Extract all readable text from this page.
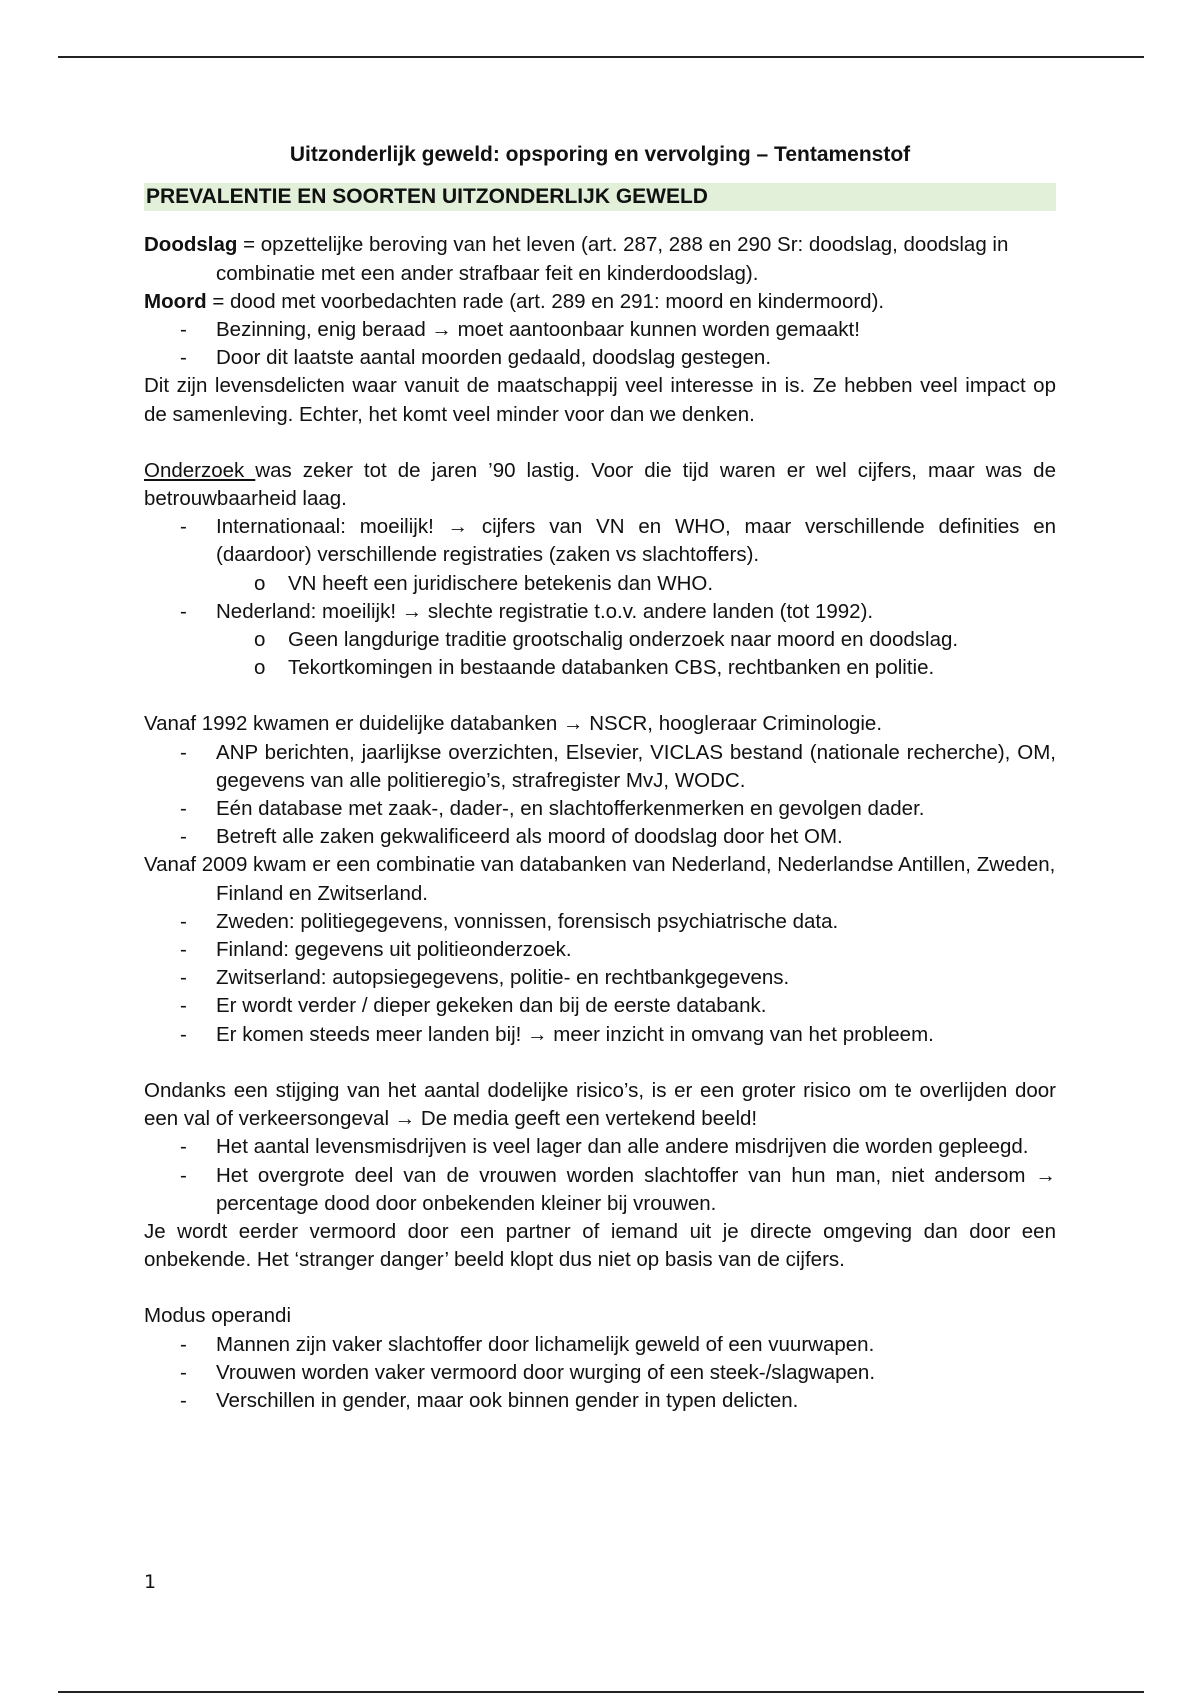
Uitzonderlijk geweld: opsporing en vervolging – Tentamenstof

PREVALENTIE EN SOORTEN UITZONDERLIJK GEWELD

Doodslag = opzettelijke beroving van het leven (art. 287, 288 en 290 Sr: doodslag, doodslag in combinatie met een ander strafbaar feit en kinderdoodslag).

Moord = dood met voorbedachten rade (art. 289 en 291: moord en kindermoord).

- Bezinning, enig beraad → moet aantoonbaar kunnen worden gemaakt!
- Door dit laatste aantal moorden gedaald, doodslag gestegen.

Dit zijn levensdelicten waar vanuit de maatschappij veel interesse in is. Ze hebben veel impact op de samenleving. Echter, het komt veel minder voor dan we denken.

Onderzoek was zeker tot de jaren ’90 lastig. Voor die tijd waren er wel cijfers, maar was de betrouwbaarheid laag.

- Internationaal: moeilijk! → cijfers van VN en WHO, maar verschillende definities en (daardoor) verschillende registraties (zaken vs slachtoffers).
o VN heeft een juridischere betekenis dan WHO.
- Nederland: moeilijk! → slechte registratie t.o.v. andere landen (tot 1992).
o Geen langdurige traditie grootschalig onderzoek naar moord en doodslag.
o Tekortkomingen in bestaande databanken CBS, rechtbanken en politie.

Vanaf 1992 kwamen er duidelijke databanken → NSCR, hoogleraar Criminologie.

- ANP berichten, jaarlijkse overzichten, Elsevier, VICLAS bestand (nationale recherche), OM, gegevens van alle politieregio’s, strafregister MvJ, WODC.
- Eén database met zaak-, dader-, en slachtofferkenmerken en gevolgen dader.
- Betreft alle zaken gekwalificeerd als moord of doodslag door het OM.

Vanaf 2009 kwam er een combinatie van databanken van Nederland, Nederlandse Antillen, Zweden, Finland en Zwitserland.

- Zweden: politiegegevens, vonnissen, forensisch psychiatrische data.
- Finland: gegevens uit politieonderzoek.
- Zwitserland: autopsiegegevens, politie- en rechtbankgegevens.
- Er wordt verder / dieper gekeken dan bij de eerste databank.
- Er komen steeds meer landen bij! → meer inzicht in omvang van het probleem.

Ondanks een stijging van het aantal dodelijke risico’s, is er een groter risico om te overlijden door een val of verkeersongeval → De media geeft een vertekend beeld!

- Het aantal levensmisdrijven is veel lager dan alle andere misdrijven die worden gepleegd.
- Het overgrote deel van de vrouwen worden slachtoffer van hun man, niet andersom → percentage dood door onbekenden kleiner bij vrouwen.

Je wordt eerder vermoord door een partner of iemand uit je directe omgeving dan door een onbekende. Het ‘stranger danger’ beeld klopt dus niet op basis van de cijfers.

Modus operandi

- Mannen zijn vaker slachtoffer door lichamelijk geweld of een vuurwapen.
- Vrouwen worden vaker vermoord door wurging of een steek-/slagwapen.
- Verschillen in gender, maar ook binnen gender in typen delicten.
1
